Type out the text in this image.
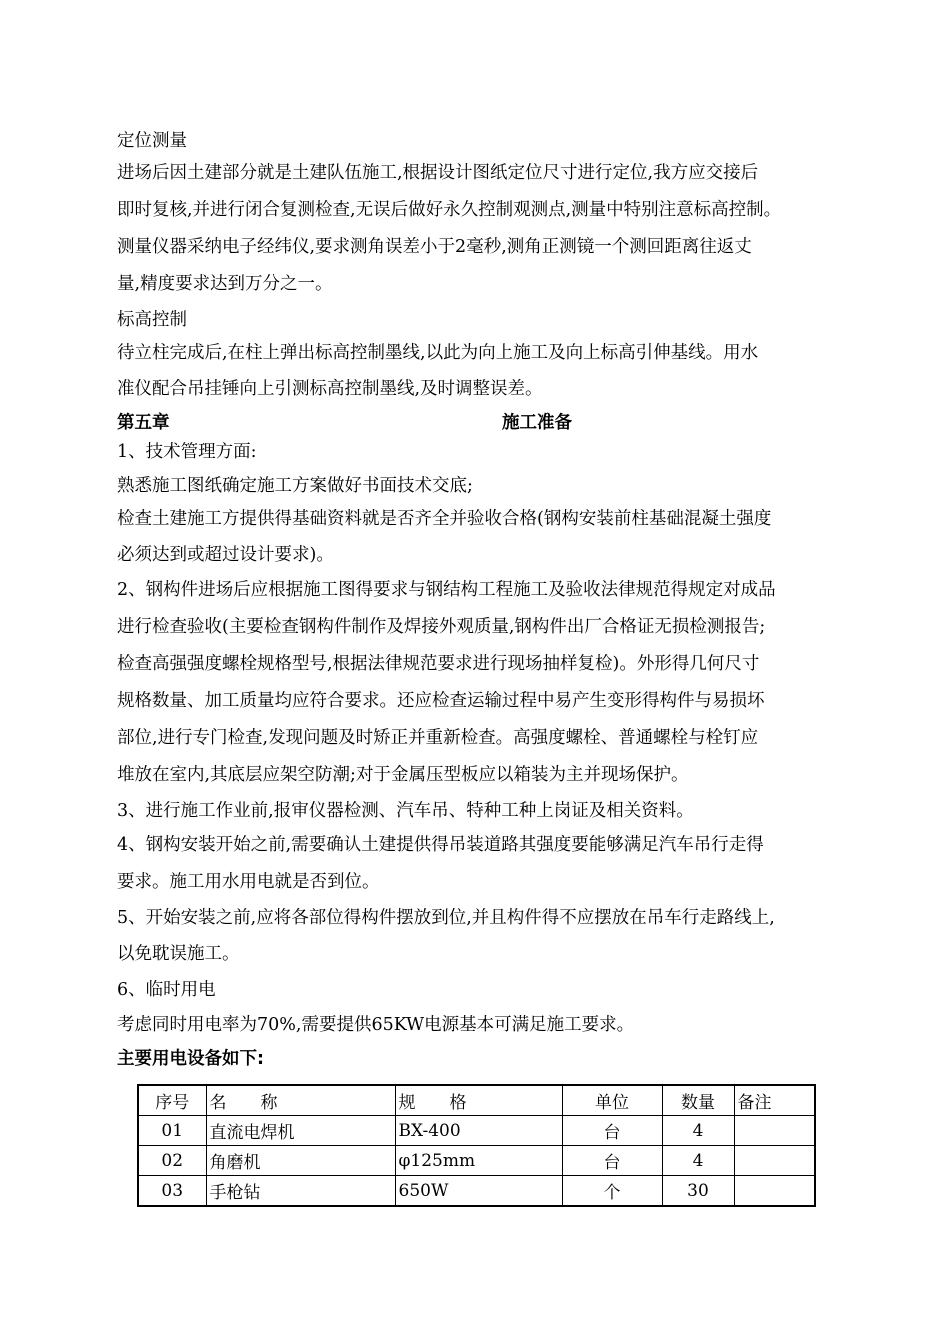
定位测量
进场后因土建部分就是土建队伍施工,根据设计图纸定位尺寸进行定位,我方应交接后
即时复核,并进行闭合复测检查,无误后做好永久控制观测点,测量中特别注意标高控制。
测量仪器采纳电子经纬仪,要求测角误差小于2毫秒,测角正测镜一个测回距离往返丈
量,精度要求达到万分之一。
标高控制
待立柱完成后,在柱上弹出标高控制墨线,以此为向上施工及向上标高引伸基线。用水
准仪配合吊挂锤向上引测标高控制墨线,及时调整误差。
第五章	施工准备
1、技术管理方面:
熟悉施工图纸确定施工方案做好书面技术交底;
检查土建施工方提供得基础资料就是否齐全并验收合格(钢构安装前柱基础混凝土强度
必须达到或超过设计要求)。
2、钢构件进场后应根据施工图得要求与钢结构工程施工及验收法律规范得规定对成品
进行检查验收(主要检查钢构件制作及焊接外观质量,钢构件出厂合格证无损检测报告;
检查高强强度螺栓规格型号,根据法律规范要求进行现场抽样复检)。外形得几何尺寸
规格数量、加工质量均应符合要求。还应检查运输过程中易产生变形得构件与易损坏
部位,进行专门检查,发现问题及时矫正并重新检查。高强度螺栓、普通螺栓与栓钉应
堆放在室内,其底层应架空防潮;对于金属压型板应以箱装为主并现场保护。
3、进行施工作业前,报审仪器检测、汽车吊、特种工种上岗证及相关资料。
4、钢构安装开始之前,需要确认土建提供得吊装道路其强度要能够满足汽车吊行走得
要求。施工用水用电就是否到位。
5、开始安装之前,应将各部位得构件摆放到位,并且构件得不应摆放在吊车行走路线上,
以免耽误施工。
6、临时用电
考虑同时用电率为70%,需要提供65KW电源基本可满足施工要求。
主要用电设备如下:
序号	名　　称	规　　格	单位	数量	备注
01	直流电焊机	BX-400	台	4	
02	角磨机	φ125mm	台	4	
03	手枪钻	650W	个	30	
